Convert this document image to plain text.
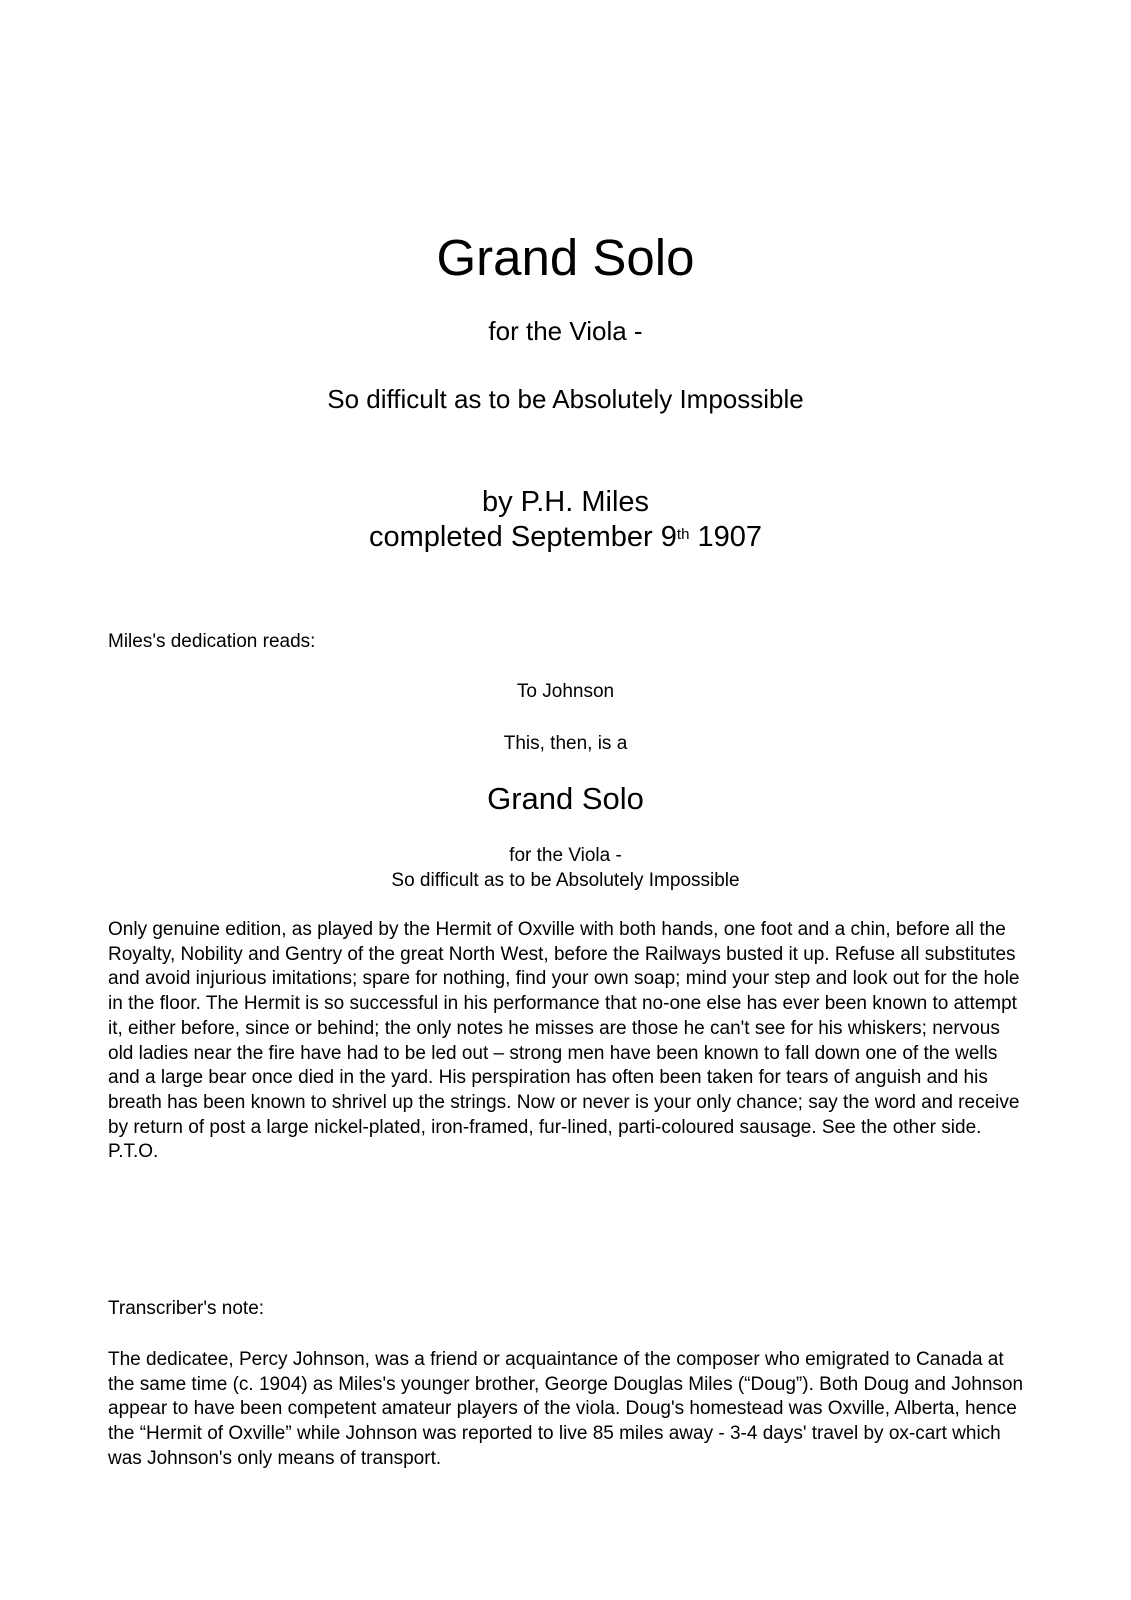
Grand Solo

for the Viola -

So difficult as to be Absolutely Impossible

by P.H. Miles

completed September 9th 1907

Miles's dedication reads:

To Johnson

This, then, is a

Grand Solo

for the Viola -

So difficult as to be Absolutely Impossible

Only genuine edition, as played by the Hermit of Oxville with both hands, one foot and a chin, before all the Royalty, Nobility and Gentry of the great North West, before the Railways busted it up. Refuse all substitutes and avoid injurious imitations; spare for nothing, find your own soap; mind your step and look out for the hole in the floor. The Hermit is so successful in his performance that no-one else has ever been known to attempt it, either before, since or behind; the only notes he misses are those he can't see for his whiskers; nervous old ladies near the fire have had to be led out – strong men have been known to fall down one of the wells and a large bear once died in the yard. His perspiration has often been taken for tears of anguish and his breath has been known to shrivel up the strings. Now or never is your only chance; say the word and receive by return of post a large nickel-plated, iron-framed, fur-lined, parti-coloured sausage. See the other side. P.T.O.

Transcriber's note:

The dedicatee, Percy Johnson, was a friend or acquaintance of the composer who emigrated to Canada at the same time (c. 1904) as Miles's younger brother, George Douglas Miles (“Doug”). Both Doug and Johnson appear to have been competent amateur players of the viola. Doug's homestead was Oxville, Alberta, hence the “Hermit of Oxville” while Johnson was reported to live 85 miles away - 3-4 days' travel by ox-cart which was Johnson's only means of transport.
